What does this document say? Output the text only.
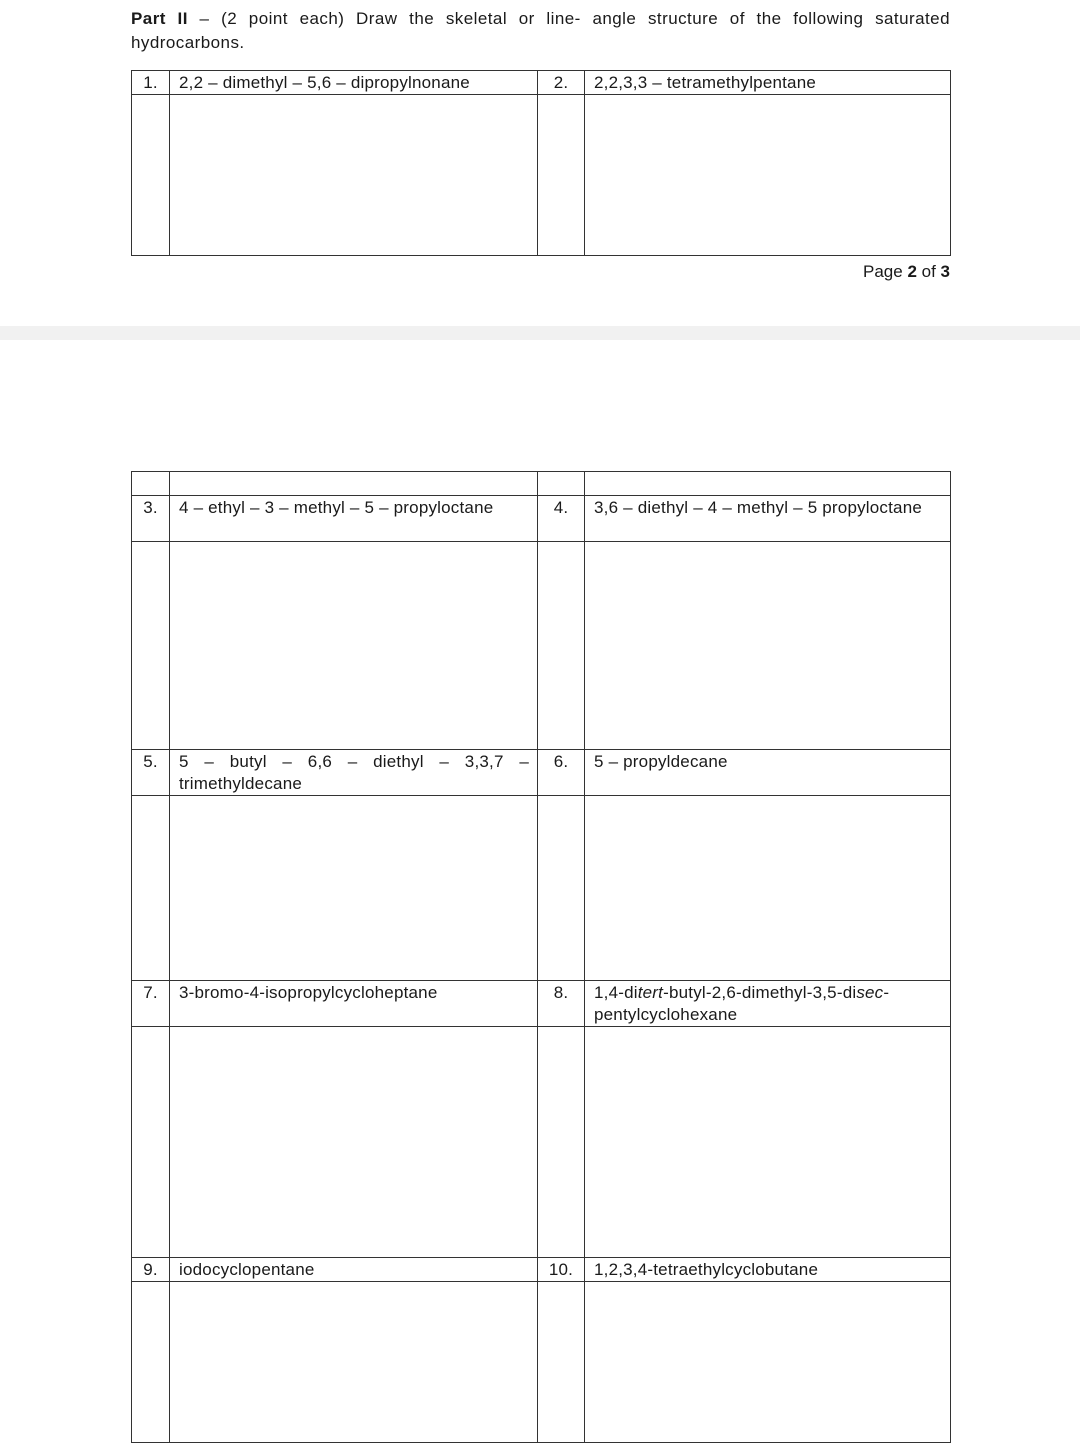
Part II – (2 point each) Draw the skeletal or line- angle structure of the following saturated hydrocarbons.
1.	2,2 – dimethyl – 5,6 – dipropylnonane	2.	2,2,3,3 – tetramethylpentane

Page 2 of 3

3.	4 – ethyl – 3 – methyl – 5 – propyloctane	4.	3,6 – diethyl – 4 – methyl – 5 propyloctane

5.	5 – butyl – 6,6 – diethyl – 3,3,7 – trimethyldecane	6.	5 – propyldecane

7.	3-bromo-4-isopropylcycloheptane	8.	1,4-ditert-butyl-2,6-dimethyl-3,5-disec-pentylcyclohexane

9.	iodocyclopentane	10.	1,2,3,4-tetraethylcyclobutane
